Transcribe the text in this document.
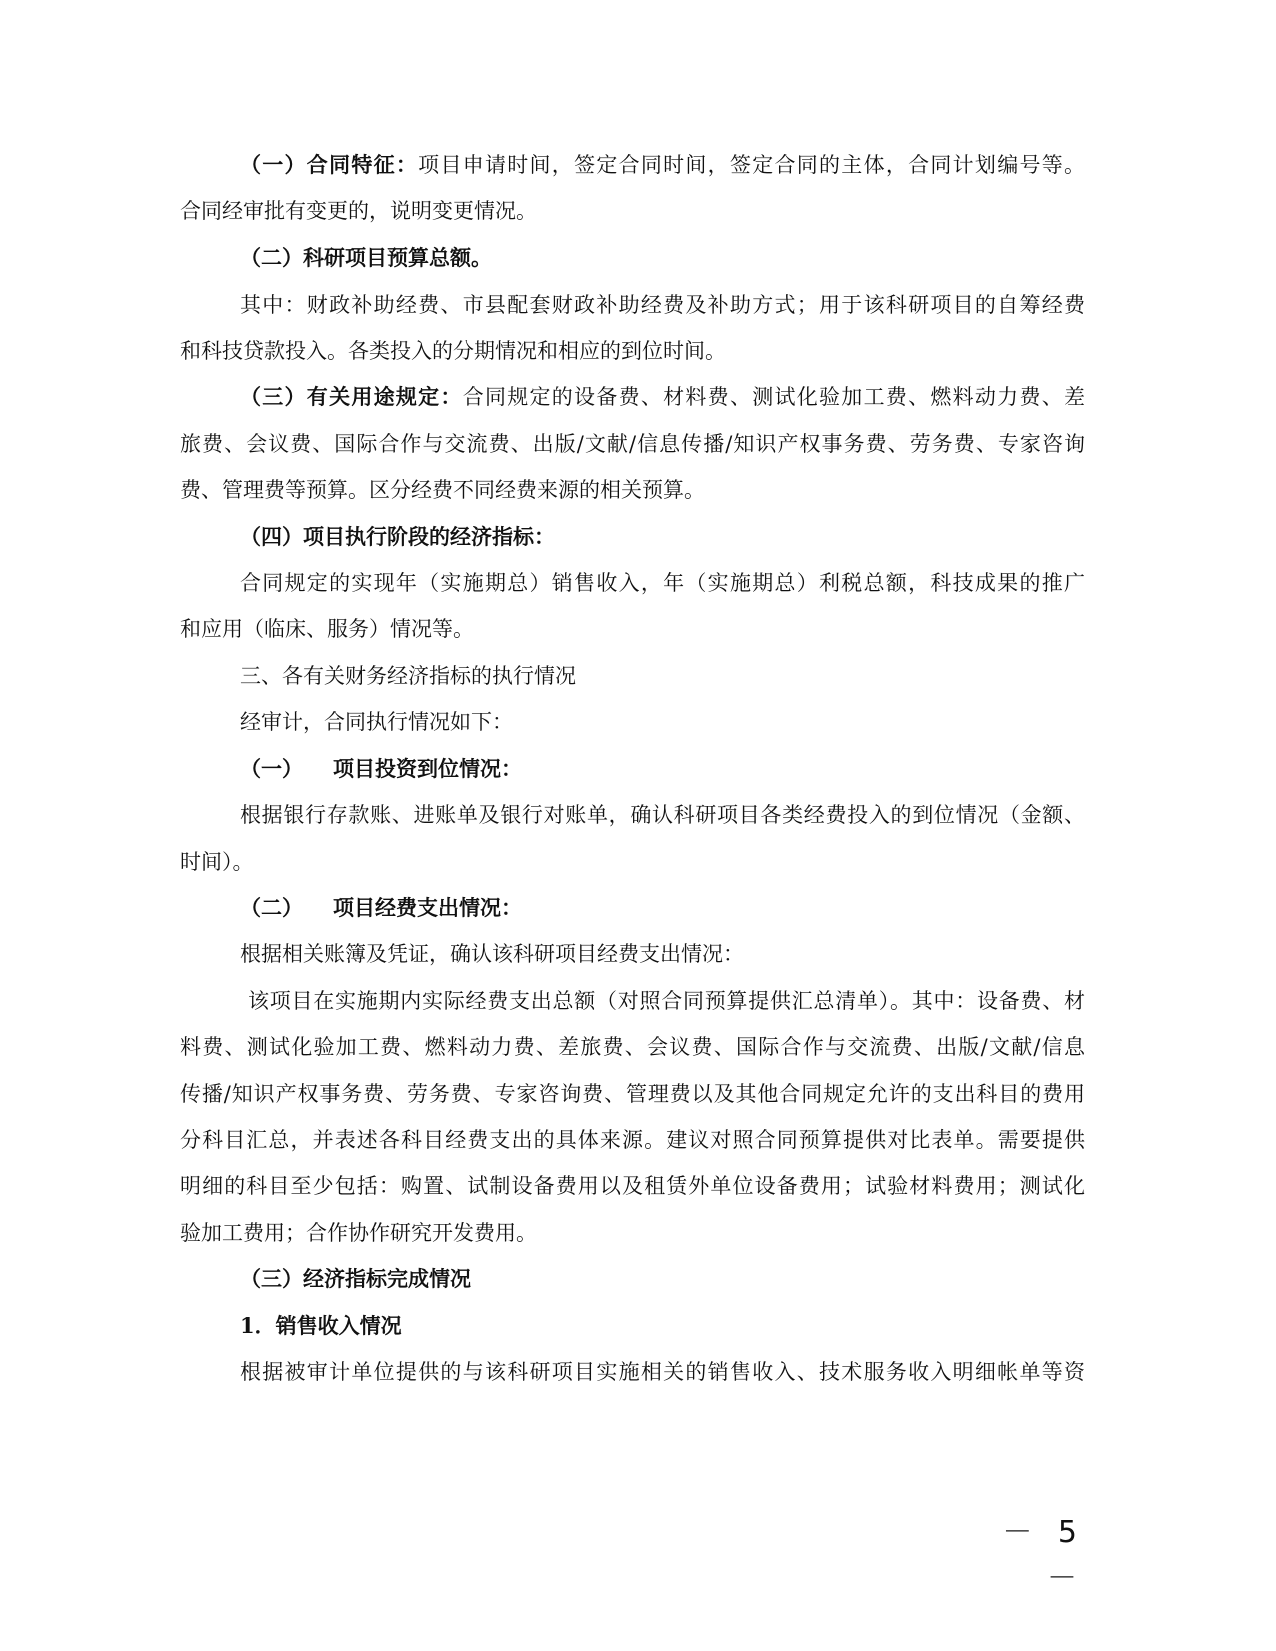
（一）合同特征：项目申请时间，签定合同时间，签定合同的主体，合同计划编号等。
合同经审批有变更的，说明变更情况。
（二）科研项目预算总额。
其中：财政补助经费、市县配套财政补助经费及补助方式；用于该科研项目的自筹经费
和科技贷款投入。各类投入的分期情况和相应的到位时间。
（三）有关用途规定：合同规定的设备费、材料费、测试化验加工费、燃料动力费、差
旅费、会议费、国际合作与交流费、出版/文献/信息传播/知识产权事务费、劳务费、专家咨询
费、管理费等预算。区分经费不同经费来源的相关预算。
（四）项目执行阶段的经济指标：
合同规定的实现年（实施期总）销售收入，年（实施期总）利税总额，科技成果的推广
和应用（临床、服务）情况等。
三、各有关财务经济指标的执行情况
经审计，合同执行情况如下：
（一） 项目投资到位情况：
根据银行存款账、进账单及银行对账单，确认科研项目各类经费投入的到位情况（金额、
时间）。
（二） 项目经费支出情况：
根据相关账簿及凭证，确认该科研项目经费支出情况：
该项目在实施期内实际经费支出总额（对照合同预算提供汇总清单）。其中：设备费、材
料费、测试化验加工费、燃料动力费、差旅费、会议费、国际合作与交流费、出版/文献/信息
传播/知识产权事务费、劳务费、专家咨询费、管理费以及其他合同规定允许的支出科目的费用
分科目汇总，并表述各科目经费支出的具体来源。建议对照合同预算提供对比表单。需要提供
明细的科目至少包括：购置、试制设备费用以及租赁外单位设备费用；试验材料费用；测试化
验加工费用；合作协作研究开发费用。
（三）经济指标完成情况
1．销售收入情况
根据被审计单位提供的与该科研项目实施相关的销售收入、技术服务收入明细帐单等资
－ 5 －
